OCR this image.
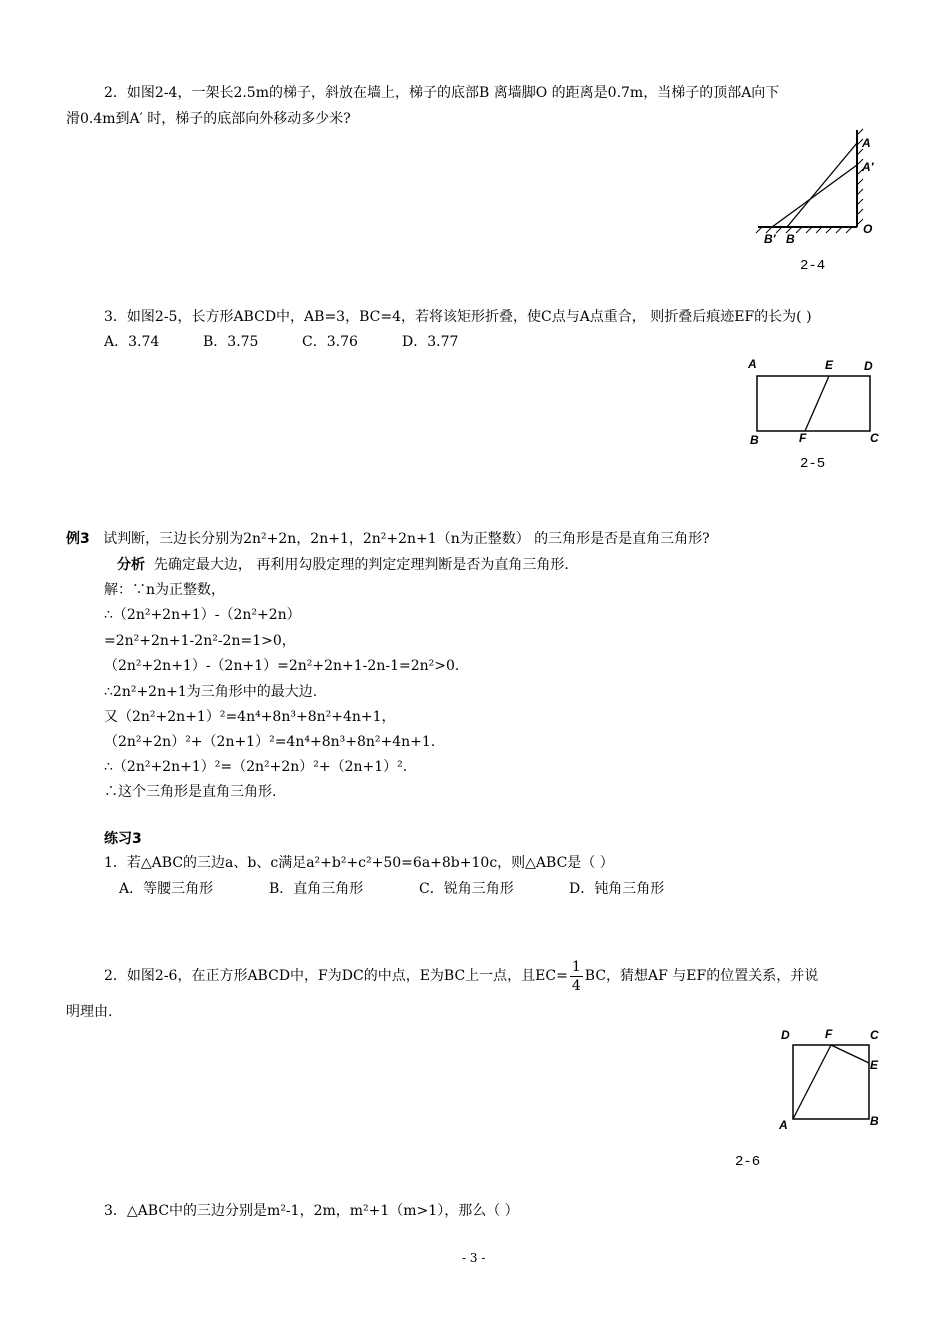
2．如图2-4，一架长2.5m的梯子，斜放在墙上，梯子的底部B 离墙脚O 的距离是0.7m，当梯子的顶部A向下
滑0.4m到A′ 时，梯子的底部向外移动多少米?
A
A′
O
B′ B
2-4
3．如图2-5，长方形ABCD中，AB=3，BC=4，若将该矩形折叠，使C点与A点重合， 则折叠后痕迹EF的长为( )
A．3.74	B．3.75	C．3.76	D．3.77
A	E	D
B	F	C
2-5
例3 试判断，三边长分别为2n²+2n，2n+1，2n²+2n+1（n为正整数） 的三角形是否是直角三角形?
分析 先确定最大边， 再利用勾股定理的判定定理判断是否为直角三角形.
解：∵n为正整数，
∴（2n²+2n+1）-（2n²+2n）
=2n²+2n+1-2n²-2n=1>0，
（2n²+2n+1）-（2n+1）=2n²+2n+1-2n-1=2n²>0.
∴2n²+2n+1为三角形中的最大边.
又（2n²+2n+1）²=4n⁴+8n³+8n²+4n+1，
（2n²+2n）²+（2n+1）²=4n⁴+8n³+8n²+4n+1.
∴（2n²+2n+1）²=（2n²+2n）²+（2n+1）².
∴这个三角形是直角三角形.
练习3
1．若△ABC的三边a、b、c满足a²+b²+c²+50=6a+8b+10c，则△ABC是（ ）
A．等腰三角形	B．直角三角形	C．锐角三角形	D．钝角三角形
2．如图2-6，在正方形ABCD中，F为DC的中点，E为BC上一点，且$EC= \frac{1}{4}$ BC，猜想AF 与EF的位置关系，并说
明理由.
D	F	C
E
A	B
2-6
3．△ABC中的三边分别是m²-1，2m，m²+1（m>1），那么（ ）
- 3 -
